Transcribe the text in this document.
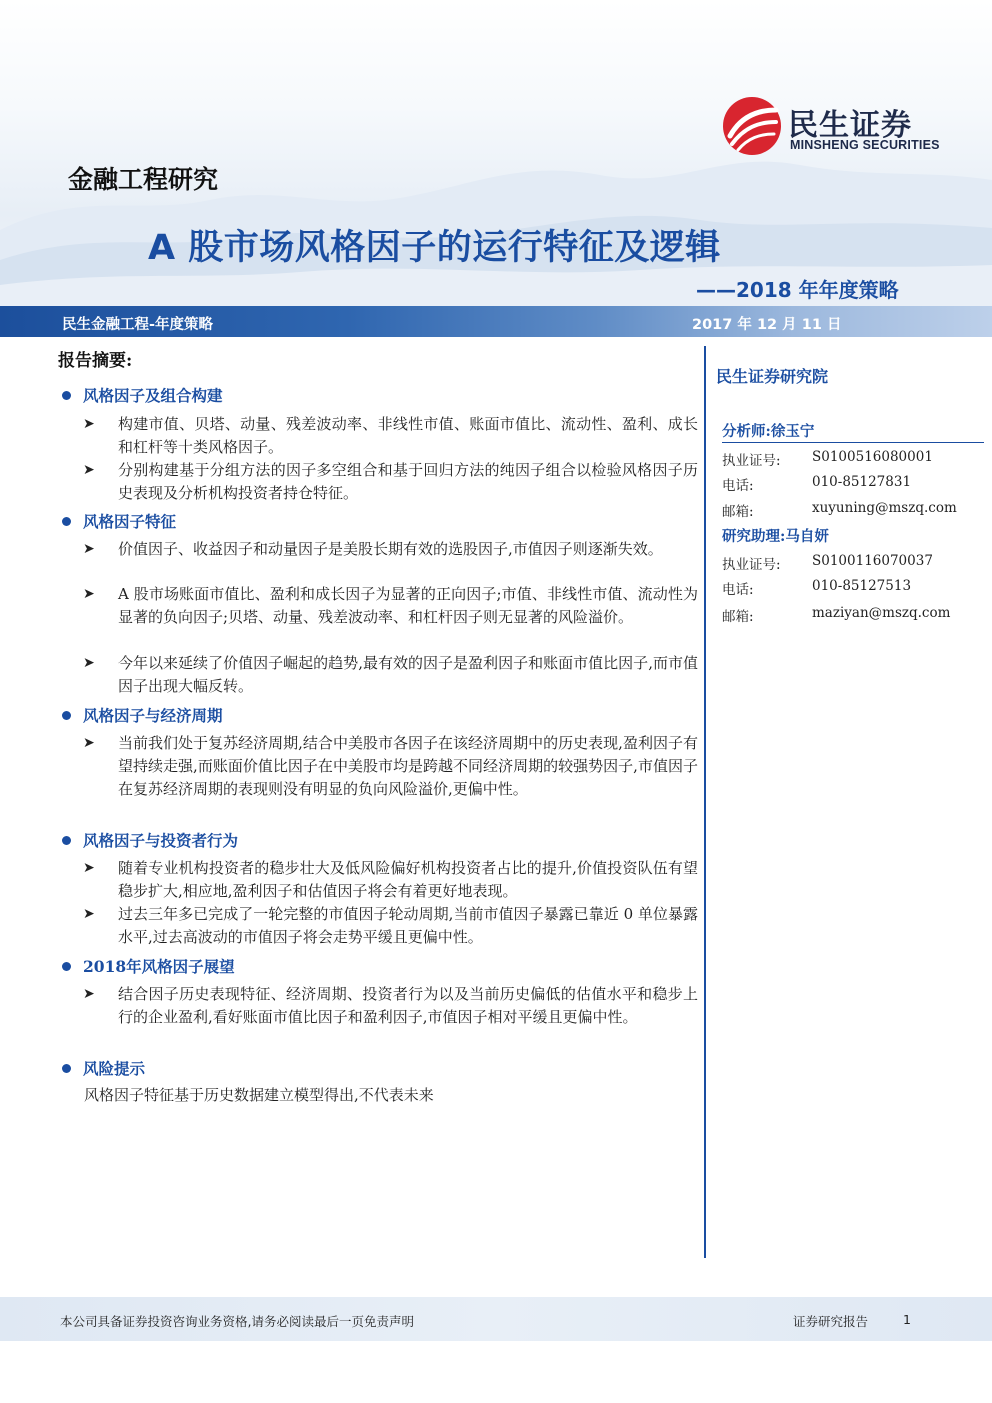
民生证券
MINSHENG SECURITIES
金融工程研究
A 股市场风格因子的运行特征及逻辑
——2018 年年度策略
民生金融工程-年度策略	2017 年 12 月 11 日
报告摘要:
风格因子及组合构建
➤ 构建市值、贝塔、动量、残差波动率、非线性市值、账面市值比、流动性、盈利、成长和杠杆等十类风格因子。
➤ 分别构建基于分组方法的因子多空组合和基于回归方法的纯因子组合以检验风格因子历史表现及分析机构投资者持仓特征。
风格因子特征
➤ 价值因子、收益因子和动量因子是美股长期有效的选股因子,市值因子则逐渐失效。
➤ A 股市场账面市值比、盈利和成长因子为显著的正向因子;市值、非线性市值、流动性为显著的负向因子;贝塔、动量、残差波动率、和杠杆因子则无显著的风险溢价。
➤ 今年以来延续了价值因子崛起的趋势,最有效的因子是盈利因子和账面市值比因子,而市值因子出现大幅反转。
风格因子与经济周期
➤ 当前我们处于复苏经济周期,结合中美股市各因子在该经济周期中的历史表现,盈利因子有望持续走强,而账面价值比因子在中美股市均是跨越不同经济周期的较强势因子,市值因子在复苏经济周期的表现则没有明显的负向风险溢价,更偏中性。
风格因子与投资者行为
➤ 随着专业机构投资者的稳步壮大及低风险偏好机构投资者占比的提升,价值投资队伍有望稳步扩大,相应地,盈利因子和估值因子将会有着更好地表现。
➤ 过去三年多已完成了一轮完整的市值因子轮动周期,当前市值因子暴露已靠近 0 单位暴露水平,过去高波动的市值因子将会走势平缓且更偏中性。
2018年风格因子展望
➤ 结合因子历史表现特征、经济周期、投资者行为以及当前历史偏低的估值水平和稳步上行的企业盈利,看好账面市值比因子和盈利因子,市值因子相对平缓且更偏中性。
风险提示
风格因子特征基于历史数据建立模型得出,不代表未来
民生证券研究院
分析师:徐玉宁
执业证号: S0100516080001
电话:	010-85127831
邮箱:	xuyuning@mszq.com
研究助理:马自妍
执业证号: S0100116070037
电话:	010-85127513
邮箱:	maziyan@mszq.com
本公司具备证券投资咨询业务资格,请务必阅读最后一页免责声明	证券研究报告	1
